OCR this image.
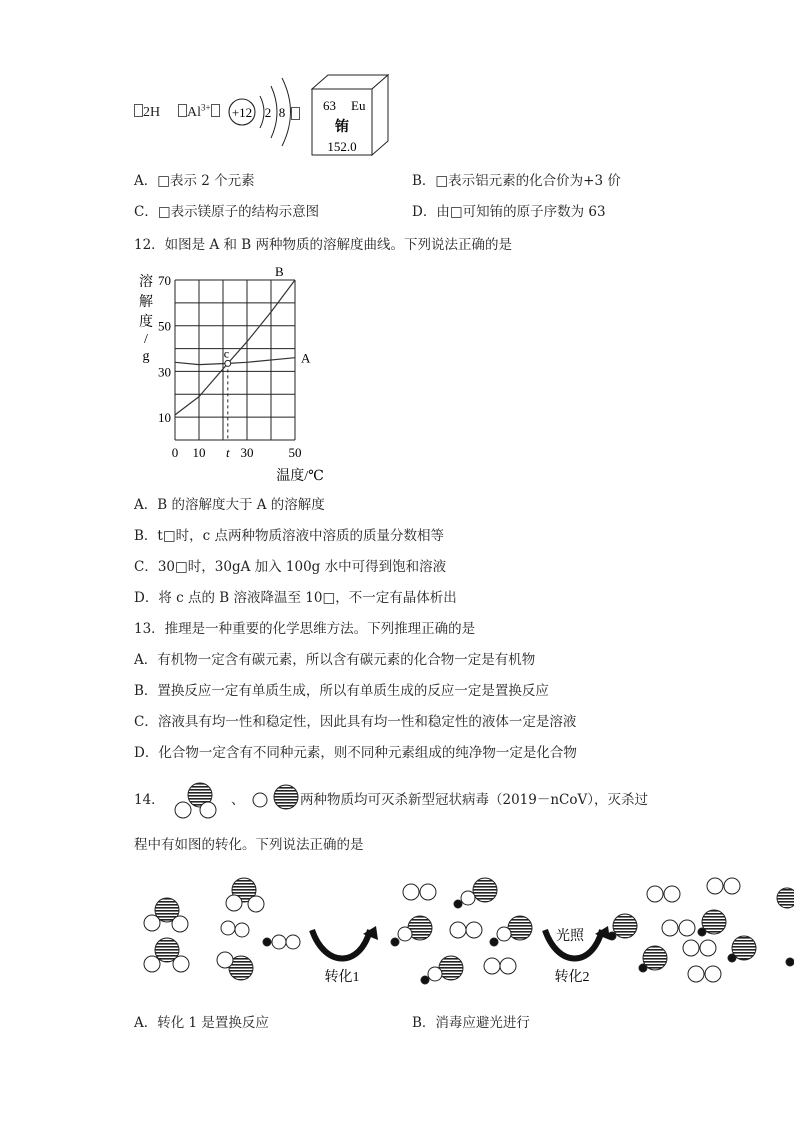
2H	$Al^{3+}$	+12 2 8	63 Eu
铕
152.0
A．□表示 2 个元素	B．□表示铝元素的化合价为+3 价
C．□表示镁原子的结构示意图	D．由□可知铕的原子序数为 63
12．如图是 A 和 B 两种物质的溶解度曲线。下列说法正确的是
溶解度/ g
70
50
30
10
0 10 t 30	50
A
B
c
温度/℃
A．B 的溶解度大于 A 的溶解度
B．t□时，c 点两种物质溶液中溶质的质量分数相等
C．30□时，30gA 加入 100g 水中可得到饱和溶液
D．将 c 点的 B 溶液降温至 10□，不一定有晶体析出
13．推理是一种重要的化学思维方法。下列推理正确的是
A．有机物一定含有碳元素，所以含有碳元素的化合物一定是有机物
B．置换反应一定有单质生成，所以有单质生成的反应一定是置换反应
C．溶液具有均一性和稳定性，因此具有均一性和稳定性的液体一定是溶液
D．化合物一定含有不同种元素，则不同种元素组成的纯净物一定是化合物
14．	、	两种物质均可灭杀新型冠状病毒（2019－nCoV），灭杀过
程中有如图的转化。下列说法正确的是
转化1
光照
转化2
A．转化 1 是置换反应	B．消毒应避光进行
